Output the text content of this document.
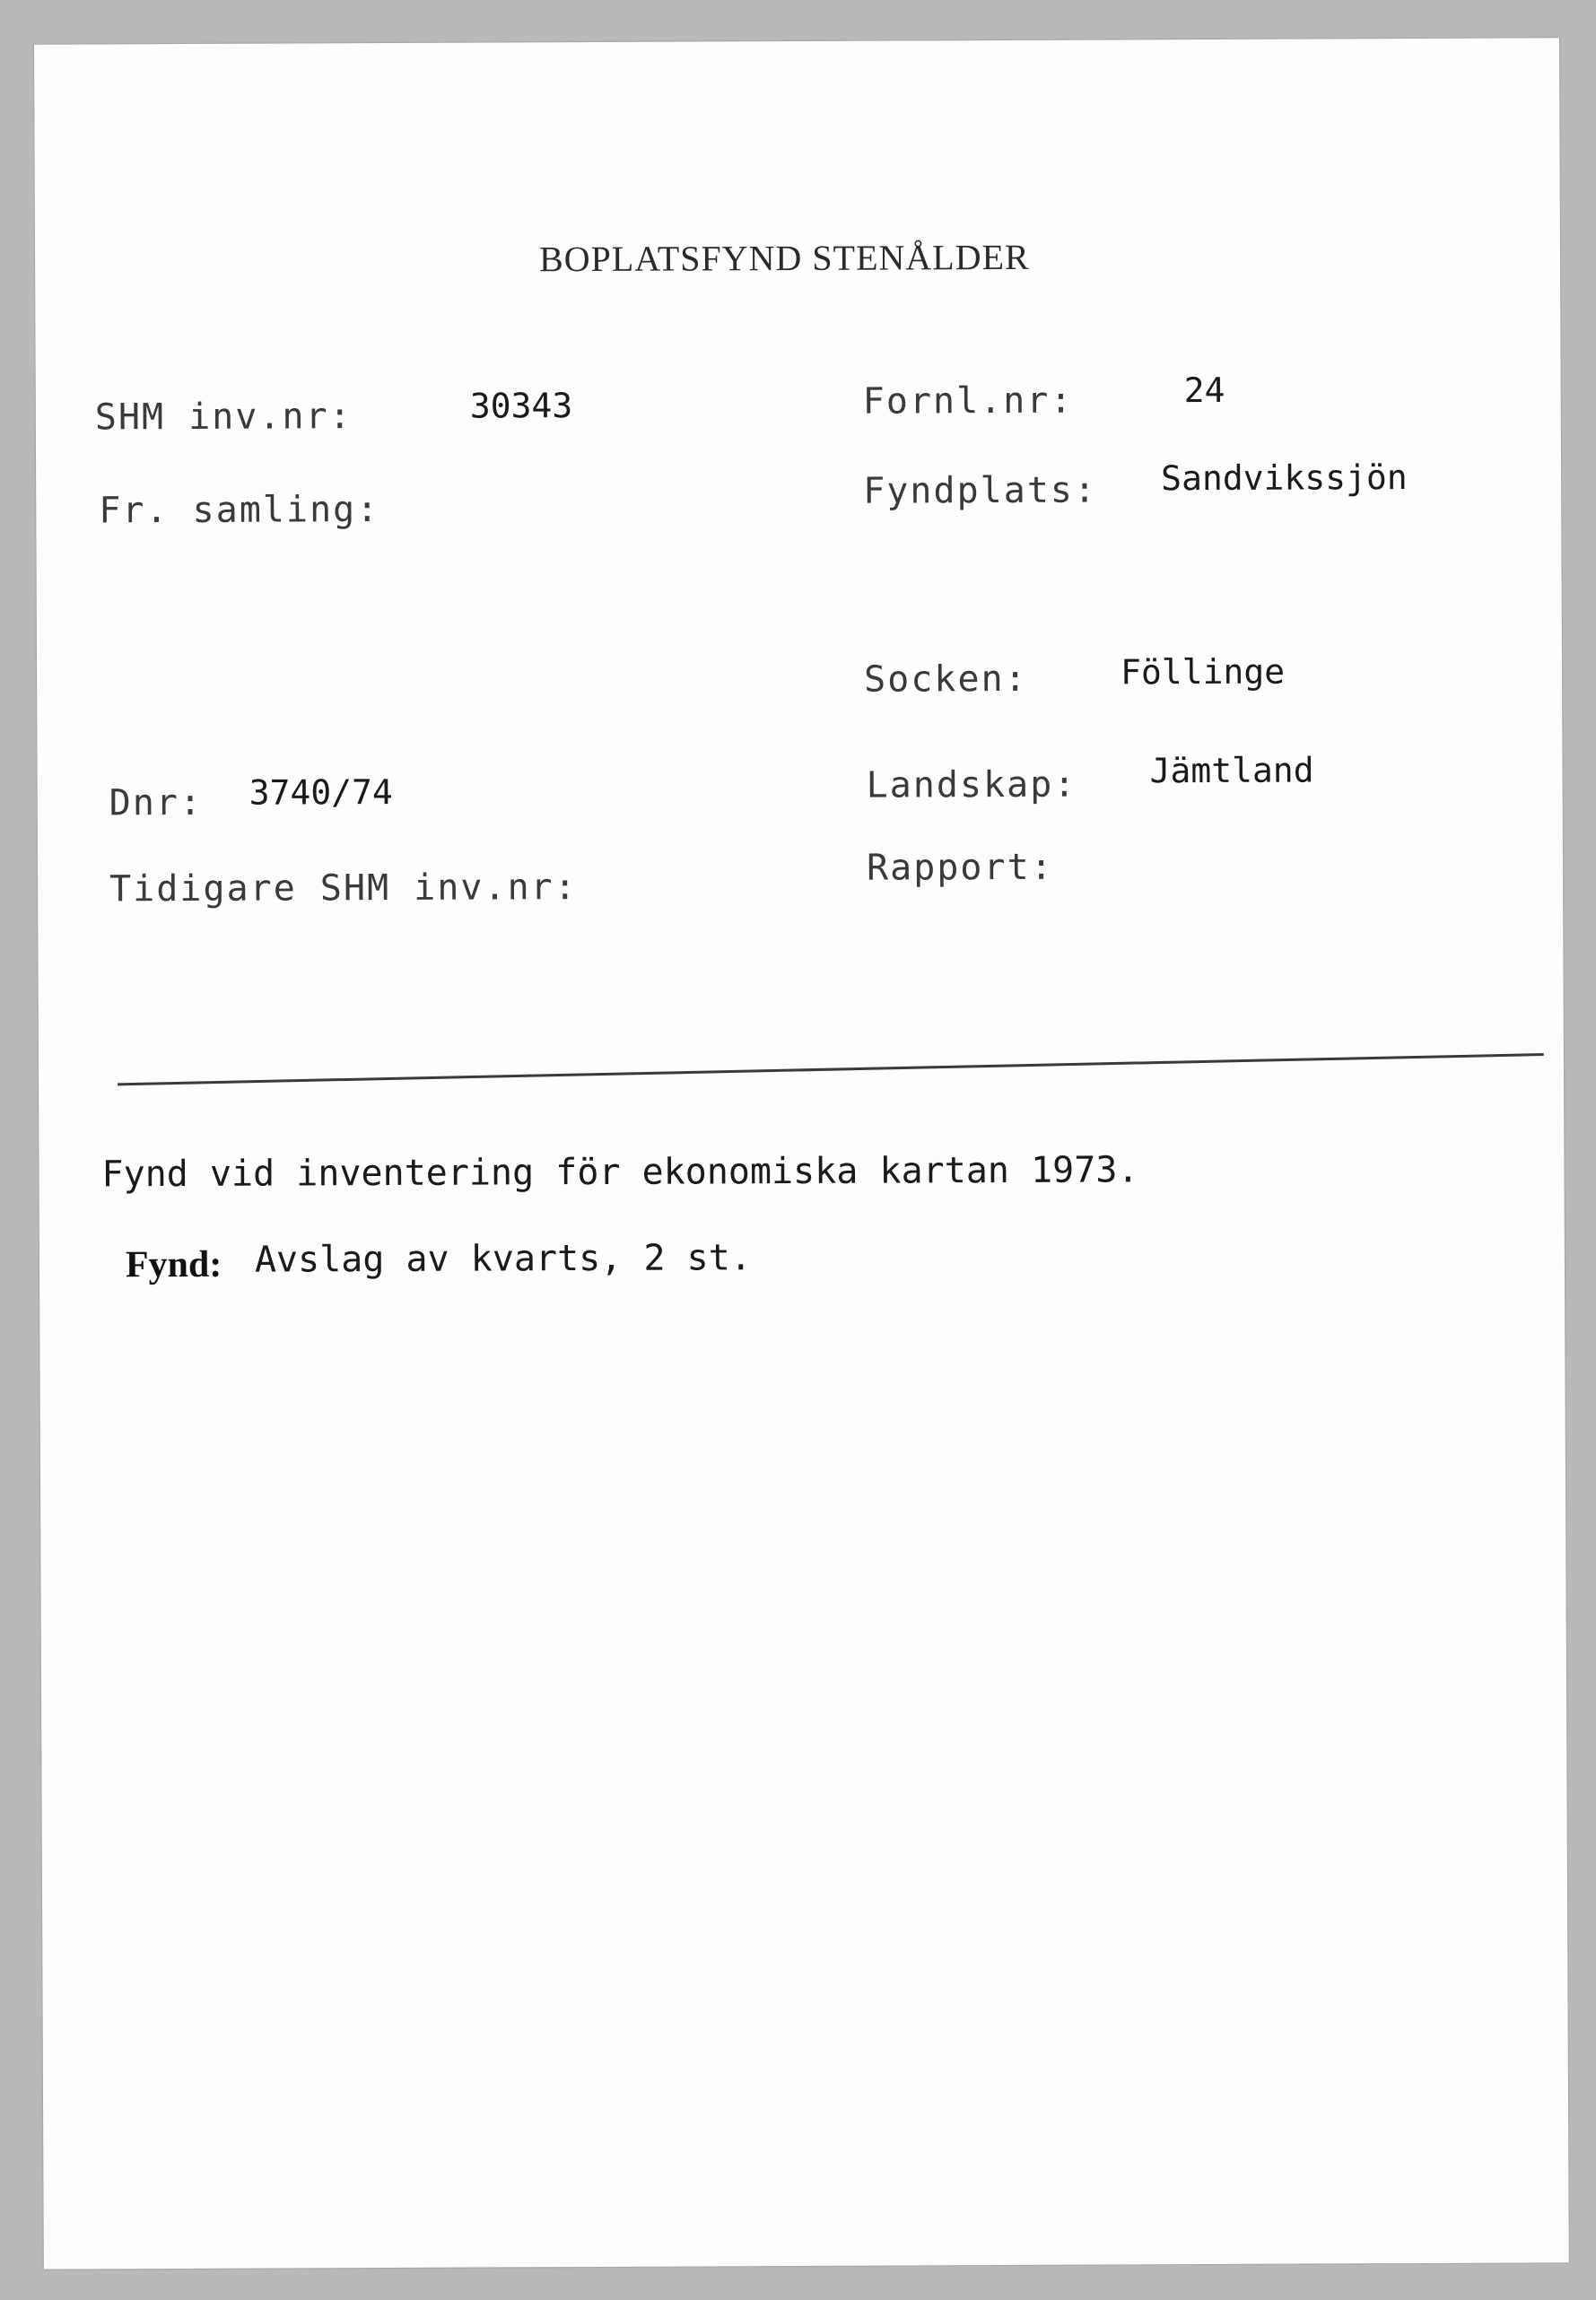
BOPLATSFYND STENÅLDER
SHM inv.nr:	30343	Fornl.nr:	24
Fr. samling:	Fyndplats: Sandvikssjön
Socken:	Föllinge
Dnr: 3740/74	Landskap: Jämtland
Tidigare SHM inv.nr:	Rapport:
Fynd vid inventering för ekonomiska kartan 1973.
Fynd: Avslag av kvarts, 2 st.
